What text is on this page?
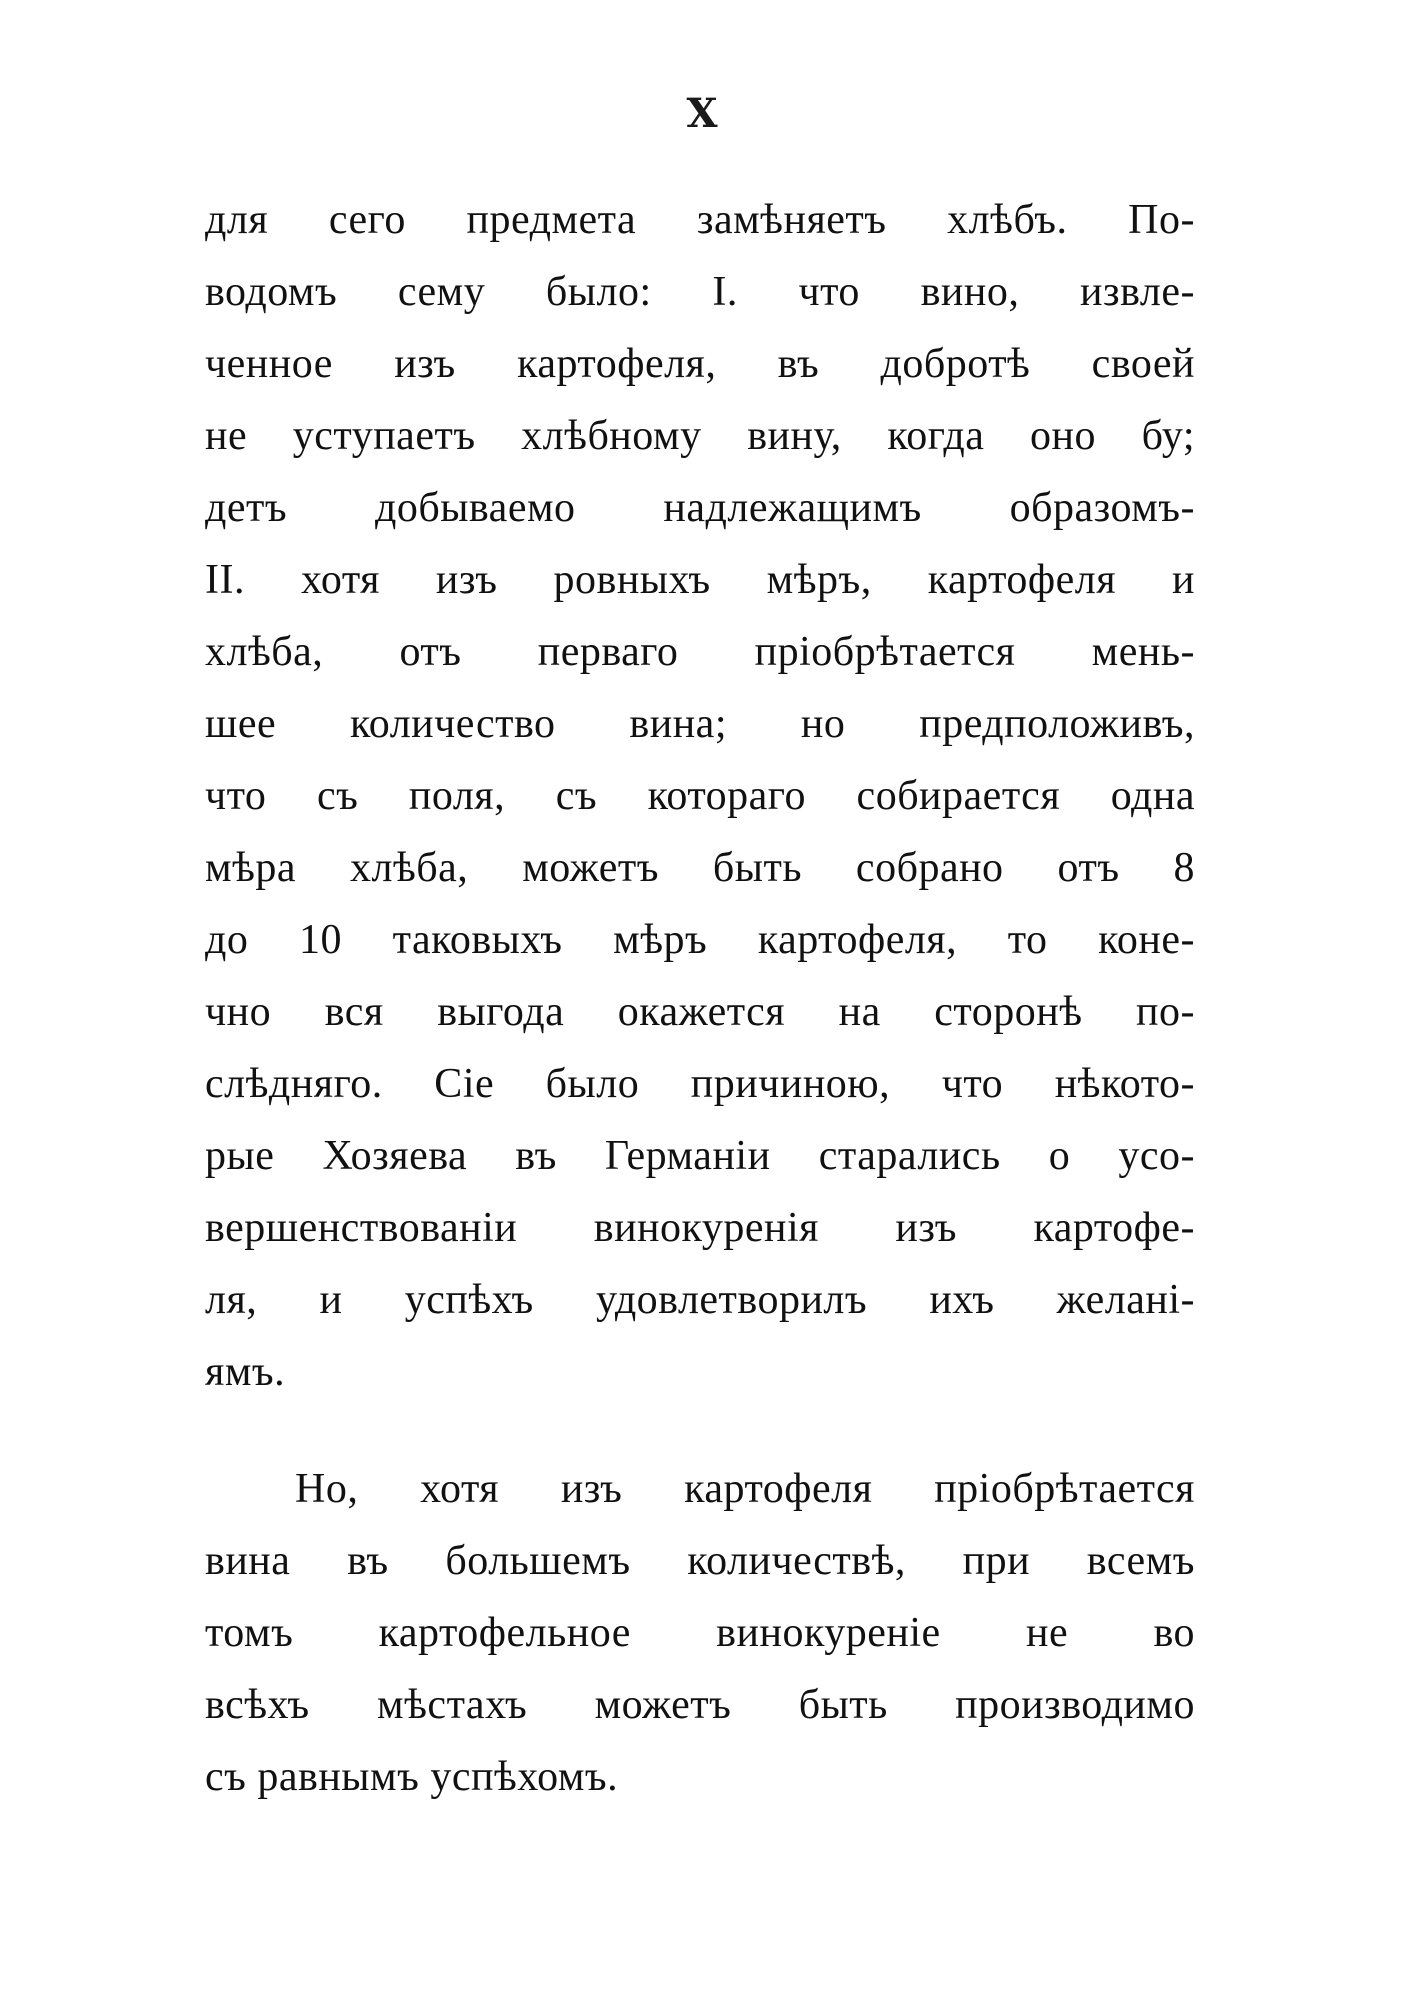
X
для сего предмета замѣняетъ хлѣбъ. По-
водомъ сему было: I. что вино, извле-
ченное изъ картофеля, въ добротѣ своей
не уступаетъ хлѣбному вину, когда оно бу;
детъ добываемо надлежащимъ образомъ-
II. хотя изъ ровныхъ мѣръ, картофеля и
хлѣба, отъ перваго пріобрѣтается мень-
шее количество вина; но предположивъ,
что съ поля, съ котораго собирается одна
мѣра хлѣба, можетъ быть собрано отъ 8
до 10 таковыхъ мѣръ картофеля, то коне-
чно вся выгода окажется на сторонѣ по-
слѣдняго. Сіе было причиною, что нѣкото-
рые Хозяева въ Германіи старались о усо-
вершенствованіи винокуренія изъ картофе-
ля, и успѣхъ удовлетворилъ ихъ желані-
ямъ.
Но, хотя изъ картофеля пріобрѣтается
вина въ большемъ количествѣ, при всемъ
томъ картофельное винокуреніе не во
всѣхъ мѣстахъ можетъ быть производимо
съ равнымъ успѣхомъ.
